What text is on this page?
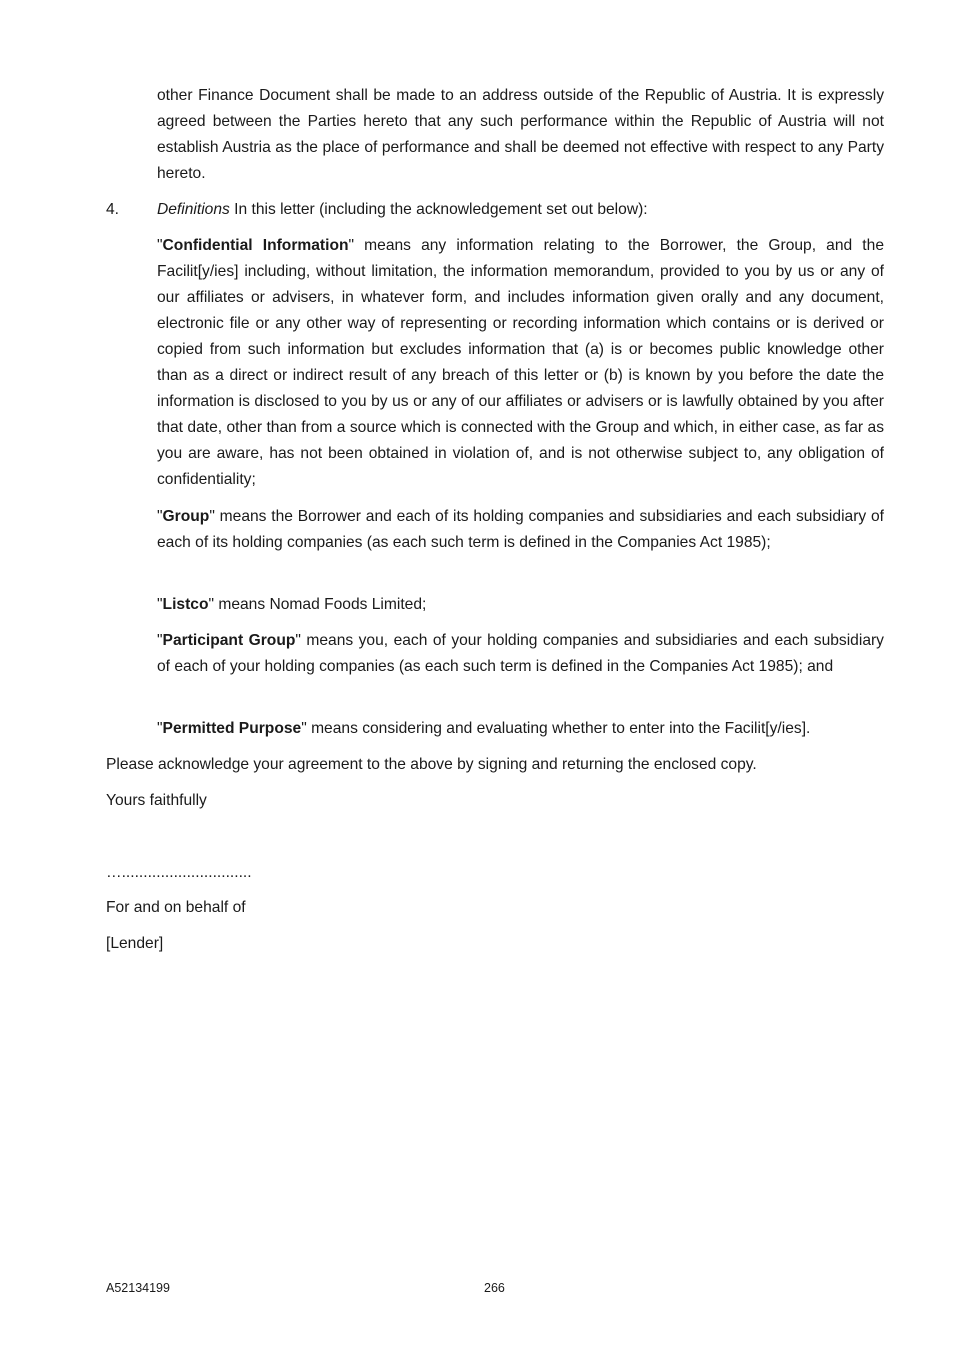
other Finance Document shall be made to an address outside of the Republic of Austria. It is expressly agreed between the Parties hereto that any such performance within the Republic of Austria will not establish Austria as the place of performance and shall be deemed not effective with respect to any Party hereto.
4. Definitions In this letter (including the acknowledgement set out below):
"Confidential Information" means any information relating to the Borrower, the Group, and the Facilit[y/ies] including, without limitation, the information memorandum, provided to you by us or any of our affiliates or advisers, in whatever form, and includes information given orally and any document, electronic file or any other way of representing or recording information which contains or is derived or copied from such information but excludes information that (a) is or becomes public knowledge other than as a direct or indirect result of any breach of this letter or (b) is known by you before the date the information is disclosed to you by us or any of our affiliates or advisers or is lawfully obtained by you after that date, other than from a source which is connected with the Group and which, in either case, as far as you are aware, has not been obtained in violation of, and is not otherwise subject to, any obligation of confidentiality;
"Group" means the Borrower and each of its holding companies and subsidiaries and each subsidiary of each of its holding companies (as each such term is defined in the Companies Act 1985);
"Listco" means Nomad Foods Limited;
"Participant Group" means you, each of your holding companies and subsidiaries and each subsidiary of each of your holding companies (as each such term is defined in the Companies Act 1985); and
"Permitted Purpose" means considering and evaluating whether to enter into the Facilit[y/ies].
Please acknowledge your agreement to the above by signing and returning the enclosed copy.
Yours faithfully
…..............................
For and on behalf of
[Lender]
A52134199	266
